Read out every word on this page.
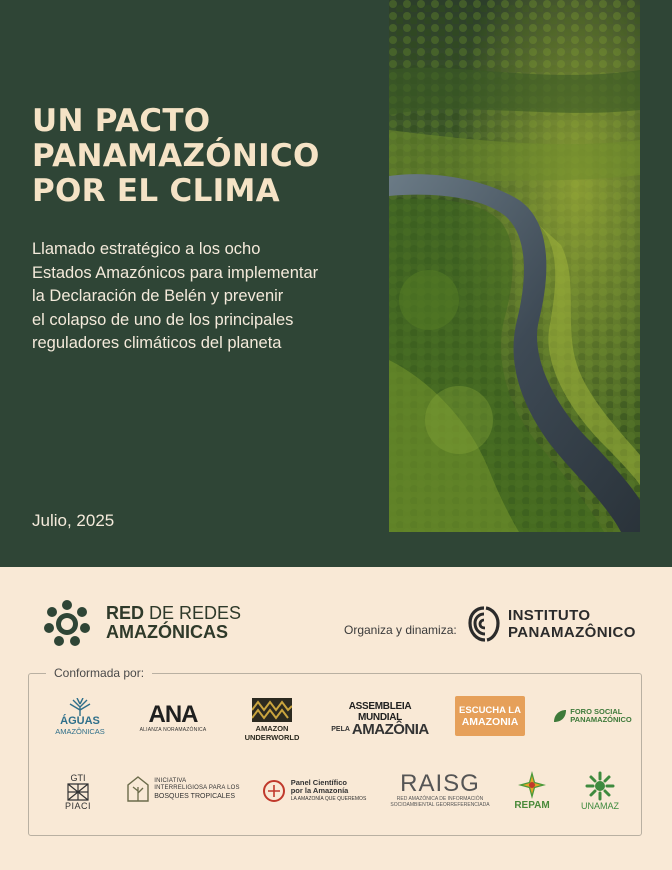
UN PACTO
PANAMAZÓNICO
POR EL CLIMA
Llamado estratégico a los ocho
Estados Amazónicos para implementar
la Declaración de Belén y prevenir
el colapso de uno de los principales
reguladores climáticos del planeta
Julio, 2025
RED DE REDES
AMAZÓNICAS	Organiza y dinamiza:
INSTITUTO
PANAMAZÔNICO
Conformada por:
ÁGUAS
AMAZÔNICAS
ANA
ALIANZA NORAMAZÓNICA	AMAZON UNDERWORLD
ASSEMBLEIA MUNDIAL
PELA AMAZÔNIA
ESCUCHA LA
AMAZONIA
FORO SOCIAL
PANAMAZÓNICO
GTI
PIACI
INICIATIVA
INTERRELIGIOSA PARA LOS
BOSQUES TROPICALES
Panel Científico
por la Amazonía
LA AMAZONÍA QUE QUEREMOS
RAISG
RED AMAZÓNICA DE INFORMACIÓN
SOCIOAMBIENTAL GEORREFERENCIADA REPAM	UNAMAZ
